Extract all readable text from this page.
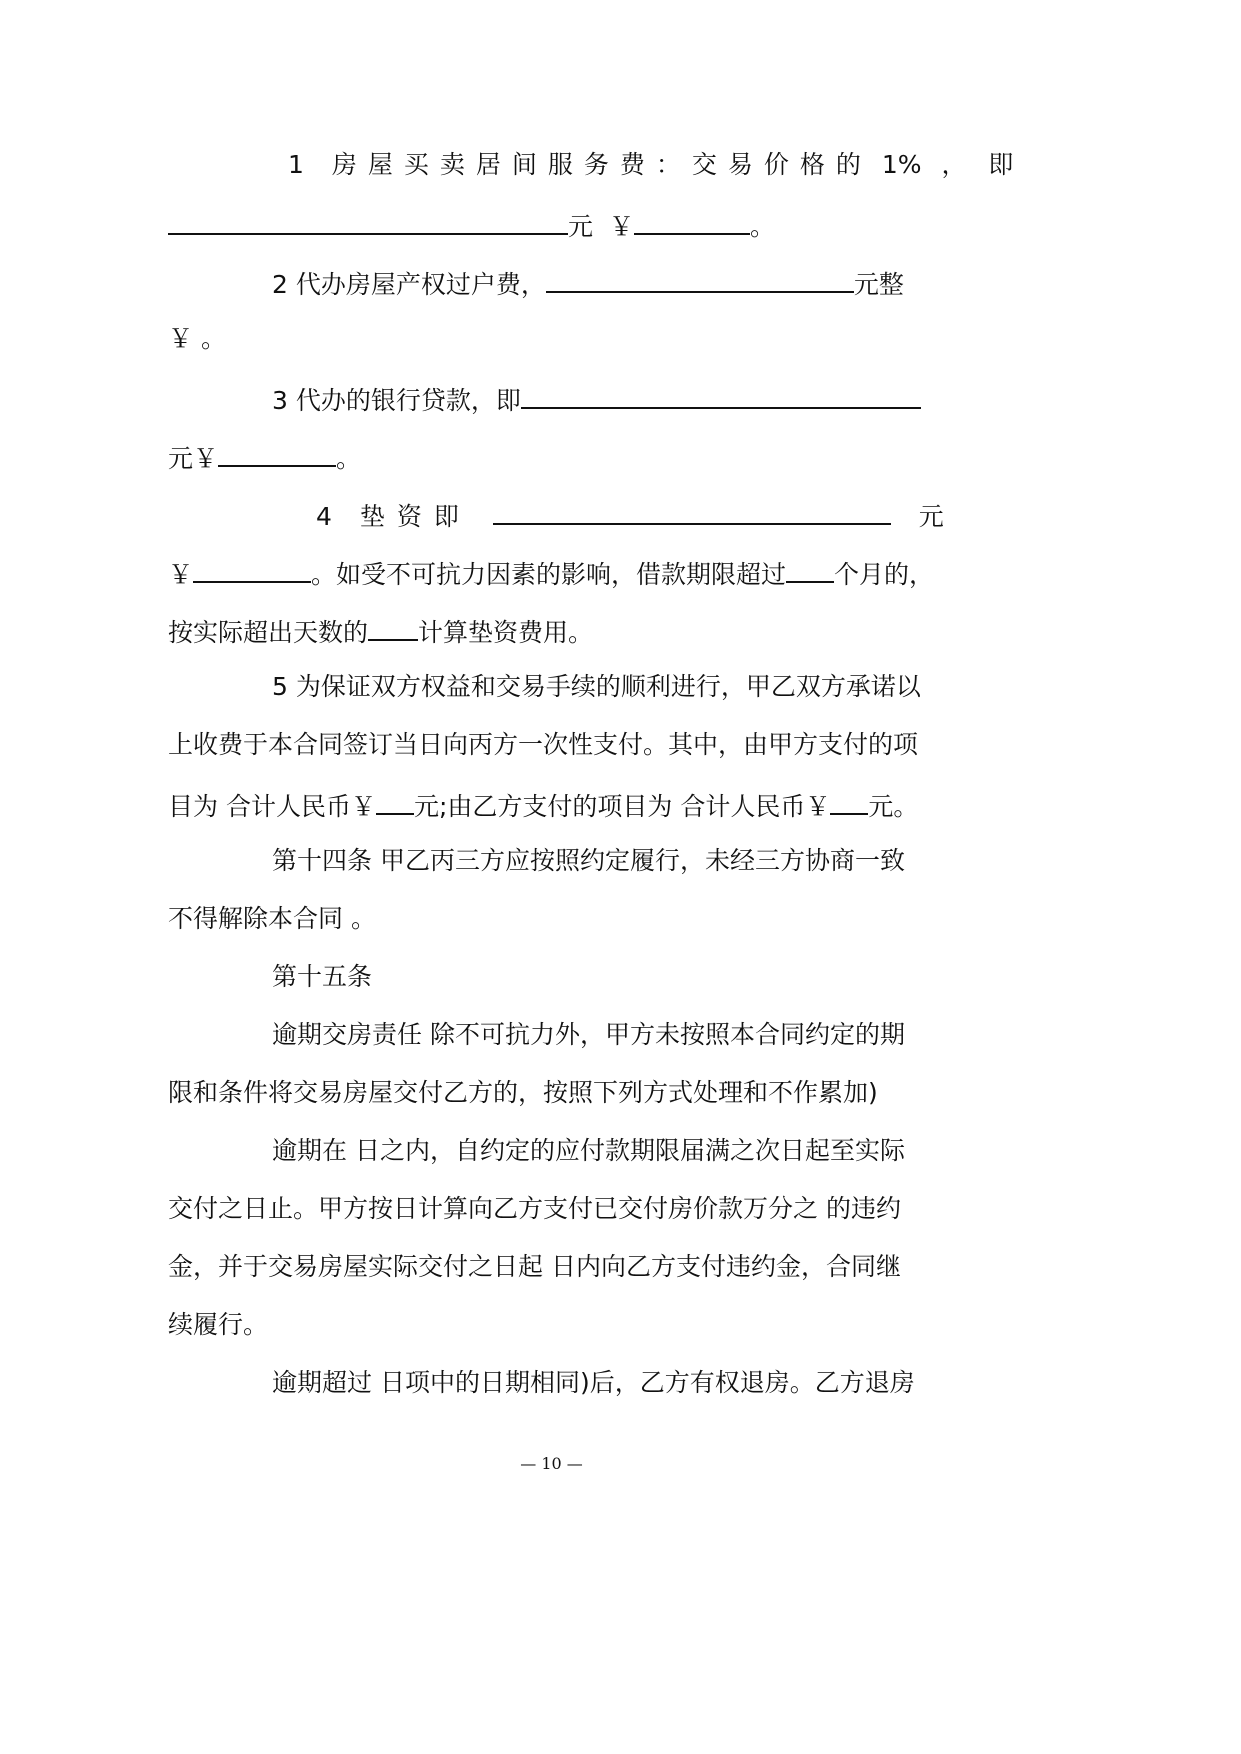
1 房屋买卖居间服务费：交易价格的 1% ， 即
元 ￥	。
2 代办房屋产权过户费，	元整
￥ 。
3 代办的银行贷款，即
元￥	。
4 垫资即	元
￥	。如受不可抗力因素的影响，借款期限超过 个月的，
按实际超出天数的 计算垫资费用。
5 为保证双方权益和交易手续的顺利进行，甲乙双方承诺以
上收费于本合同签订当日向丙方一次性支付。其中，由甲方支付的项
目为 合计人民币￥ 元;由乙方支付的项目为 合计人民币￥ 元。
第十四条 甲乙丙三方应按照约定履行，未经三方协商一致
不得解除本合同 。
第十五条
逾期交房责任 除不可抗力外，甲方未按照本合同约定的期
限和条件将交易房屋交付乙方的，按照下列方式处理和不作累加)
逾期在 日之内，自约定的应付款期限届满之次日起至实际
交付之日止。甲方按日计算向乙方支付已交付房价款万分之 的违约
金，并于交易房屋实际交付之日起 日内向乙方支付违约金，合同继
续履行。
逾期超过 日项中的日期相同)后，乙方有权退房。乙方退房
— 10 —
